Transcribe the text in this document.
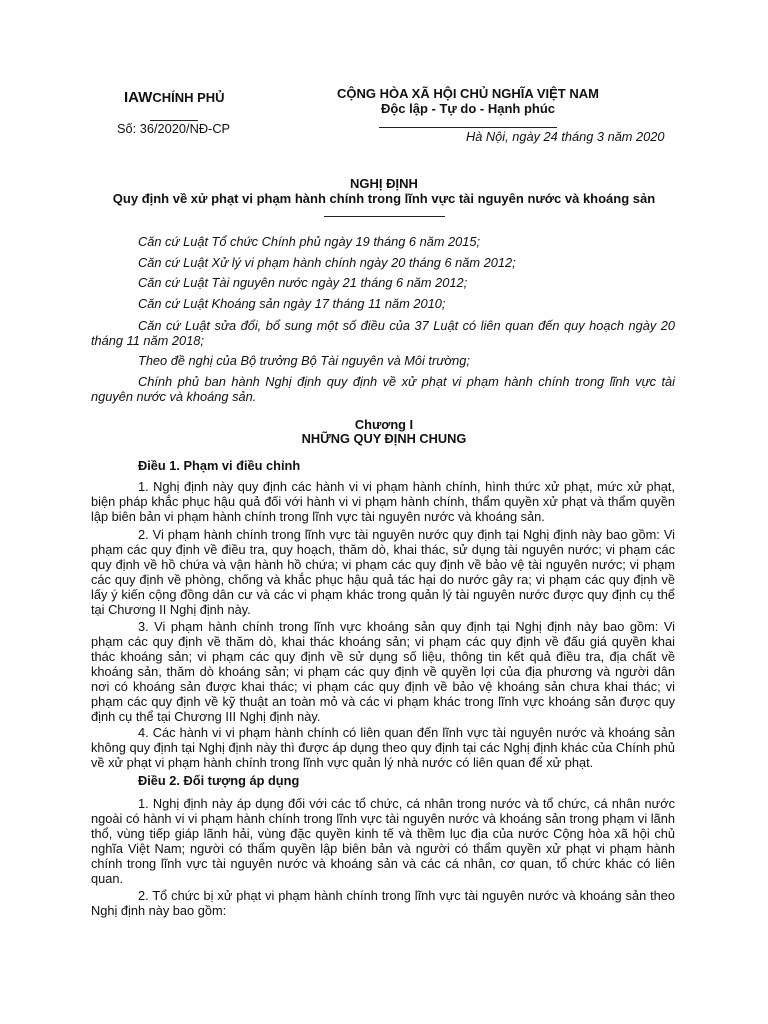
IAWCHÍNH PHỦ
Số: 36/2020/NĐ-CP
CỘNG HÒA XÃ HỘI CHỦ NGHĨA VIỆT NAM
Độc lập - Tự do - Hạnh phúc
Hà Nội, ngày 24 tháng 3 năm 2020
NGHỊ ĐỊNH
Quy định về xử phạt vi phạm hành chính trong lĩnh vực tài nguyên nước và khoáng sản
Căn cứ Luật Tổ chức Chính phủ ngày 19 tháng 6 năm 2015;
Căn cứ Luật Xử lý vi phạm hành chính ngày 20 tháng 6 năm 2012;
Căn cứ Luật Tài nguyên nước ngày 21 tháng 6 năm 2012;
Căn cứ Luật Khoáng sản ngày 17 tháng 11 năm 2010;
Căn cứ Luật sửa đổi, bổ sung một số điều của 37 Luật có liên quan đến quy hoạch ngày 20 tháng 11 năm 2018;
Theo đề nghị của Bộ trưởng Bộ Tài nguyên và Môi trường;
Chính phủ ban hành Nghị định quy định về xử phạt vi phạm hành chính trong lĩnh vực tài nguyên nước và khoáng sản.
Chương I
NHỮNG QUY ĐỊNH CHUNG
Điều 1. Phạm vi điều chỉnh
1. Nghị định này quy định các hành vi vi phạm hành chính, hình thức xử phạt, mức xử phạt, biện pháp khắc phục hậu quả đối với hành vi vi phạm hành chính, thẩm quyền xử phạt và thẩm quyền lập biên bản vi phạm hành chính trong lĩnh vực tài nguyên nước và khoáng sản.
2. Vi phạm hành chính trong lĩnh vực tài nguyên nước quy định tại Nghị định này bao gồm: Vi phạm các quy định về điều tra, quy hoạch, thăm dò, khai thác, sử dụng tài nguyên nước; vi phạm các quy định về hồ chứa và vận hành hồ chứa; vi phạm các quy định về bảo vệ tài nguyên nước; vi phạm các quy định về phòng, chống và khắc phục hậu quả tác hại do nước gây ra; vi phạm các quy định về lấy ý kiến cộng đồng dân cư và các vi phạm khác trong quản lý tài nguyên nước được quy định cụ thể tại Chương II Nghị định này.
3. Vi phạm hành chính trong lĩnh vực khoáng sản quy định tại Nghị định này bao gồm: Vi phạm các quy định về thăm dò, khai thác khoáng sản; vi phạm các quy định về đấu giá quyền khai thác khoáng sản; vi phạm các quy định về sử dụng số liệu, thông tin kết quả điều tra, địa chất về khoáng sản, thăm dò khoáng sản; vi phạm các quy định về quyền lợi của địa phương và người dân nơi có khoáng sản được khai thác; vi phạm các quy định về bảo vệ khoáng sản chưa khai thác; vi phạm các quy định về kỹ thuật an toàn mỏ và các vi phạm khác trong lĩnh vực khoáng sản được quy định cụ thể tại Chương III Nghị định này.
4. Các hành vi vi phạm hành chính có liên quan đến lĩnh vực tài nguyên nước và khoáng sản không quy định tại Nghị định này thì được áp dụng theo quy định tại các Nghị định khác của Chính phủ về xử phạt vi phạm hành chính trong lĩnh vực quản lý nhà nước có liên quan để xử phạt.
Điều 2. Đối tượng áp dụng
1. Nghị định này áp dụng đối với các tổ chức, cá nhân trong nước và tổ chức, cá nhân nước ngoài có hành vi vi phạm hành chính trong lĩnh vực tài nguyên nước và khoáng sản trong phạm vi lãnh thổ, vùng tiếp giáp lãnh hải, vùng đặc quyền kinh tế và thềm lục địa của nước Cộng hòa xã hội chủ nghĩa Việt Nam; người có thẩm quyền lập biên bản và người có thẩm quyền xử phạt vi phạm hành chính trong lĩnh vực tài nguyên nước và khoáng sản và các cá nhân, cơ quan, tổ chức khác có liên quan.
2. Tổ chức bị xử phạt vi phạm hành chính trong lĩnh vực tài nguyên nước và khoáng sản theo Nghị định này bao gồm:
